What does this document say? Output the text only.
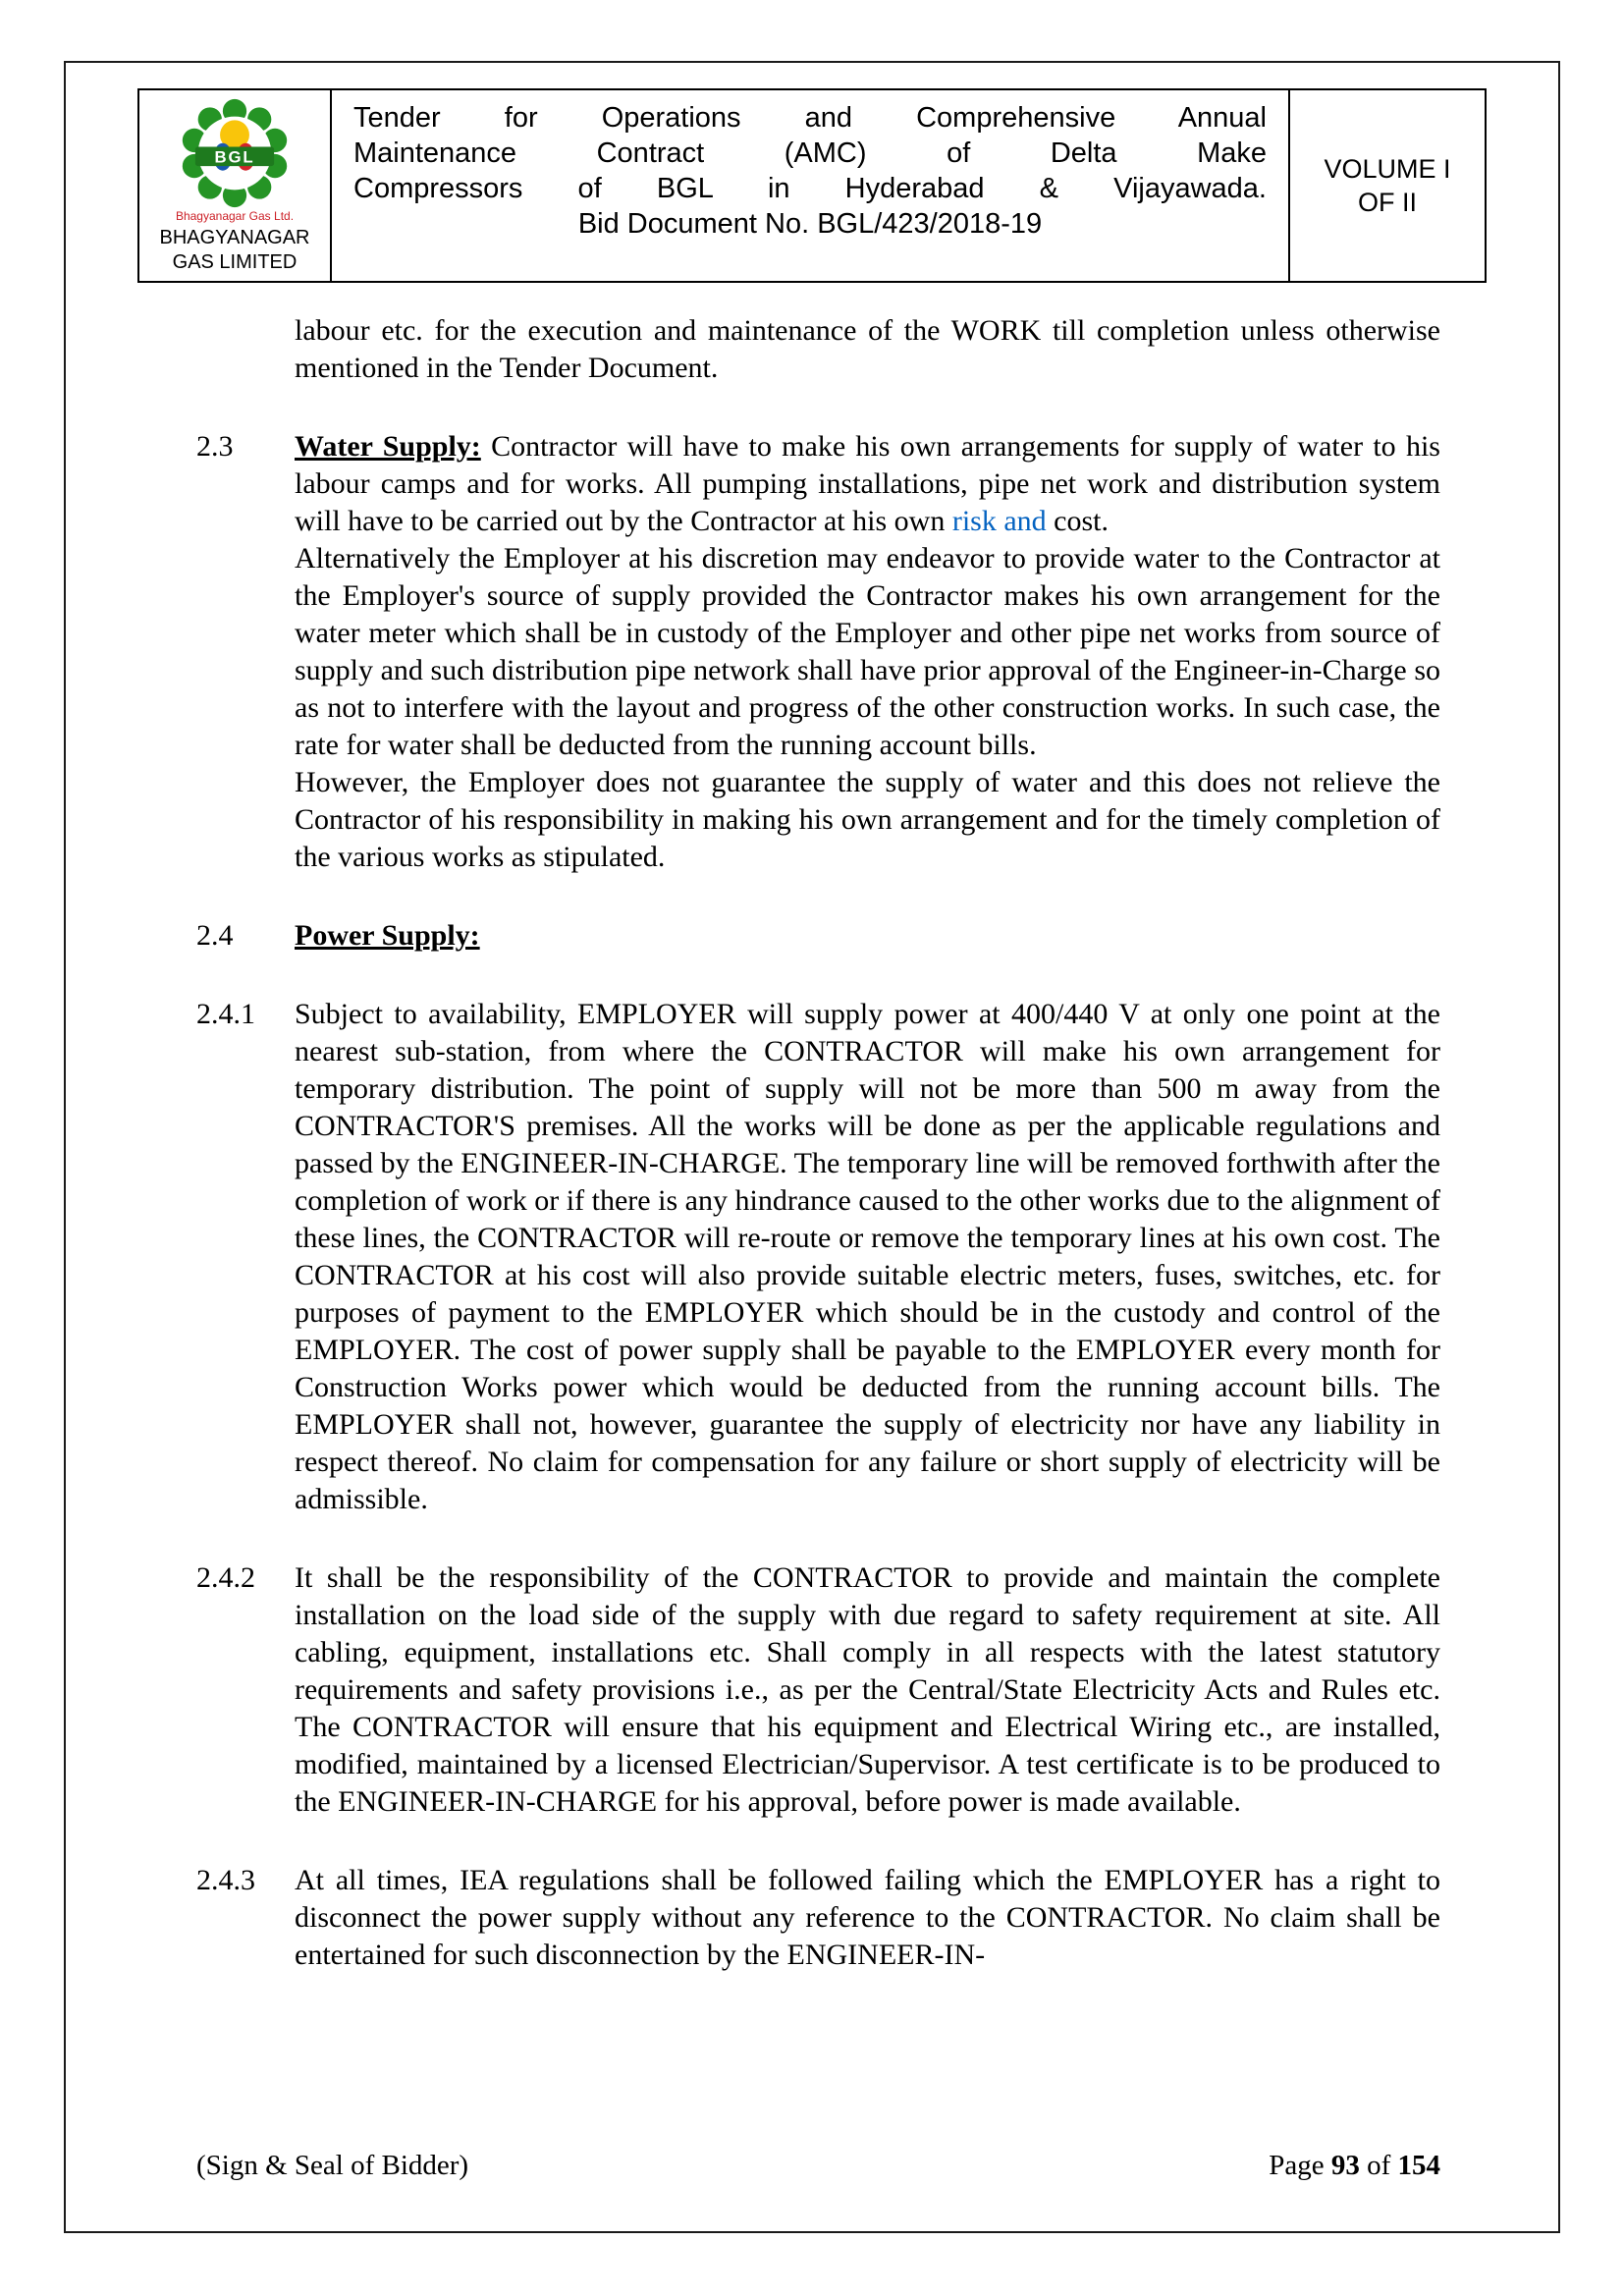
BGL
Bhagyanagar Gas Ltd.
BHAGYANAGAR GAS LIMITED
Tender for Operations and Comprehensive Annual
Maintenance Contract (AMC) of Delta Make
Compressors of BGL in Hyderabad & Vijayawada.
Bid Document No. BGL/423/2018-19
VOLUME I
OF II

labour etc. for the execution and maintenance of the WORK till completion unless otherwise mentioned in the Tender Document.

2.3	Water Supply: Contractor will have to make his own arrangements for supply of water to his labour camps and for works. All pumping installations, pipe net work and distribution system will have to be carried out by the Contractor at his own risk and cost.

Alternatively the Employer at his discretion may endeavor to provide water to the Contractor at the Employer's source of supply provided the Contractor makes his own arrangement for the water meter which shall be in custody of the Employer and other pipe net works from source of supply and such distribution pipe network shall have prior approval of the Engineer-in-Charge so as not to interfere with the layout and progress of the other construction works. In such case, the rate for water shall be deducted from the running account bills.

However, the Employer does not guarantee the supply of water and this does not relieve the Contractor of his responsibility in making his own arrangement and for the timely completion of the various works as stipulated.

2.4	Power Supply:

2.4.1	Subject to availability, EMPLOYER will supply power at 400/440 V at only one point at the nearest sub-station, from where the CONTRACTOR will make his own arrangement for temporary distribution. The point of supply will not be more than 500 m away from the CONTRACTOR'S premises. All the works will be done as per the applicable regulations and passed by the ENGINEER-IN-CHARGE. The temporary line will be removed forthwith after the completion of work or if there is any hindrance caused to the other works due to the alignment of these lines, the CONTRACTOR will re-route or remove the temporary lines at his own cost. The CONTRACTOR at his cost will also provide suitable electric meters, fuses, switches, etc. for purposes of payment to the EMPLOYER which should be in the custody and control of the EMPLOYER. The cost of power supply shall be payable to the EMPLOYER every month for Construction Works power which would be deducted from the running account bills. The EMPLOYER shall not, however, guarantee the supply of electricity nor have any liability in respect thereof. No claim for compensation for any failure or short supply of electricity will be admissible.

2.4.2	It shall be the responsibility of the CONTRACTOR to provide and maintain the complete installation on the load side of the supply with due regard to safety requirement at site. All cabling, equipment, installations etc. Shall comply in all respects with the latest statutory requirements and safety provisions i.e., as per the Central/State Electricity Acts and Rules etc. The CONTRACTOR will ensure that his equipment and Electrical Wiring etc., are installed, modified, maintained by a licensed Electrician/Supervisor. A test certificate is to be produced to the ENGINEER-IN-CHARGE for his approval, before power is made available.

2.4.3	At all times, IEA regulations shall be followed failing which the EMPLOYER has a right to disconnect the power supply without any reference to the CONTRACTOR. No claim shall be entertained for such disconnection by the ENGINEER-IN-

(Sign & Seal of Bidder)	Page 93 of 154
